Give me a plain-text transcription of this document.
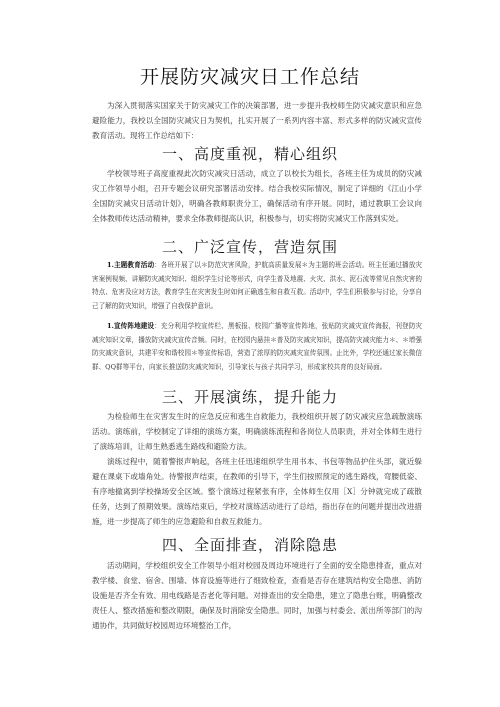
开展防灾减灾日工作总结
为深入贯彻落实国家关于防灾减灾工作的决策部署，进一步提升我校师生防灾减灾意识和应急避险能力，我校以全国防灾减灾日为契机，扎实开展了一系列内容丰富、形式多样的防灾减灾宣传教育活动。现将工作总结如下：
一、高度重视，精心组织
学校领导班子高度重视此次防灾减灾日活动，成立了以校长为组长，各班主任为成员的防灾减灾工作领导小组，召开专题会议研究部署活动安排。结合我校实际情况，制定了详细的《江山小学全国防灾减灾日活动计划》，明确各教师职责分工，确保活动有序开展。同时，通过教职工会议向全体教师传达活动精神，要求全体教师提高认识，积极参与，切实将防灾减灾工作落到实处。
二、广泛宣传，营造氛围
1.主题教育活动：各班开展了以＊防范灾害风险，护航高质量发展＊为主题的班会活动。班主任通过播放灾害案例视频、讲解防灾减灾知识、组织学生讨论等形式，向学生普及地震、火灾、洪水、泥石流等常见自然灾害的特点、危害及应对方法，教育学生在灾害发生时如何正确逃生和自救互救。活动中，学生们积极参与讨论，分享自己了解的防灾知识，增强了自我保护意识。
1.宣传阵地建设：充分利用学校宣传栏、黑板报、校园广播等宣传阵地，张贴防灾减灾宣传海报，刊登防灾减灾知识文章，播放防灾减灾宣传音频。同时，在校园内悬挂＊普及防灾减灾知识，提高防灾减灾能力＊、＊增强防灾减灾意识，共建平安和谐校园＊等宣传标语，营造了浓厚的防灾减灾宣传氛围。止比外，学校还通过家长微信群、QQ群等平台，向家长推送防灾减灾知识，引导家长与孩子共同学习，形成家校共育的良好局面。
三、开展演练，提升能力
为检验师生在灾害发生时的应急反应和逃生自救能力，我校组织开展了防灾减灾应急疏散演练活动。演练前，学校制定了详细的演练方案，明确演练流程和各岗位人员职责，并对全体师生进行了演练培训，让师生熟悉逃生路线和避险方法。
演练过程中，随着警报声响起，各班主任迅速组织学生用书本、书包等物品护住头部，就近躲避在课桌下或墙角处。待警报声结束，在教师的引导下，学生们按照预定的逃生路线，弯腰低姿、有序地撤离到学校操场安全区域。整个演练过程紧张有序，全体师生仅用［X］分钟就完成了疏散任务，达到了预期效果。演练结束后，学校对演练活动进行了总结，指出存在的问题并提出改进措施，进一步提高了师生的应急避险和自救互救能力。
四、全面排查，消除隐患
活动期间，学校组织安全工作领导小组对校园及周边环境进行了全面的安全隐患排查，重点对教学楼、食堂、宿舍、围墙、体育设施等进行了细致检查，查看是否存在建筑结构安全隐患、消防设施是否齐全有效、用电线路是否老化等问题。对排查出的安全隐患，建立了隐患台账，明确整改责任人、整改措施和整改期限，确保及时消除安全隐患。同时，加强与村委会、派出所等部门的沟通协作，共同做好校园周边环境整治工作，
